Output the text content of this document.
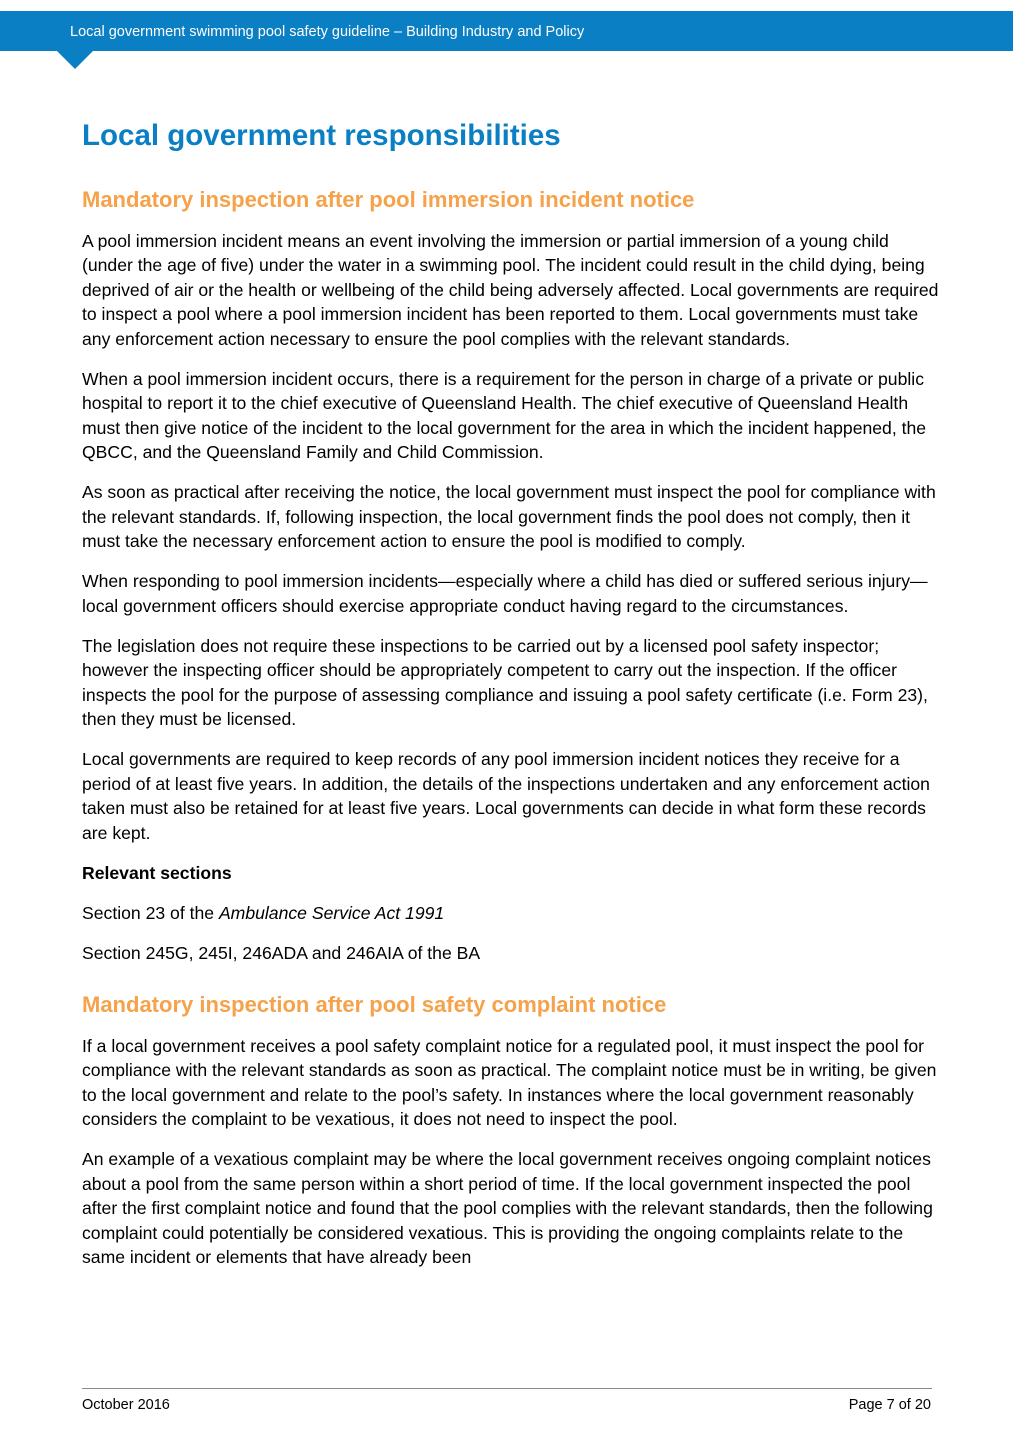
Local government swimming pool safety guideline – Building Industry and Policy
Local government responsibilities
Mandatory inspection after pool immersion incident notice

A pool immersion incident means an event involving the immersion or partial immersion of a young child (under the age of five) under the water in a swimming pool. The incident could result in the child dying, being deprived of air or the health or wellbeing of the child being adversely affected. Local governments are required to inspect a pool where a pool immersion incident has been reported to them. Local governments must take any enforcement action necessary to ensure the pool complies with the relevant standards.

When a pool immersion incident occurs, there is a requirement for the person in charge of a private or public hospital to report it to the chief executive of Queensland Health. The chief executive of Queensland Health must then give notice of the incident to the local government for the area in which the incident happened, the QBCC, and the Queensland Family and Child Commission.

As soon as practical after receiving the notice, the local government must inspect the pool for compliance with the relevant standards. If, following inspection, the local government finds the pool does not comply, then it must take the necessary enforcement action to ensure the pool is modified to comply.

When responding to pool immersion incidents—especially where a child has died or suffered serious injury—local government officers should exercise appropriate conduct having regard to the circumstances.

The legislation does not require these inspections to be carried out by a licensed pool safety inspector; however the inspecting officer should be appropriately competent to carry out the inspection. If the officer inspects the pool for the purpose of assessing compliance and issuing a pool safety certificate (i.e. Form 23), then they must be licensed.

Local governments are required to keep records of any pool immersion incident notices they receive for a period of at least five years. In addition, the details of the inspections undertaken and any enforcement action taken must also be retained for at least five years. Local governments can decide in what form these records are kept.

Relevant sections

Section 23 of the Ambulance Service Act 1991

Section 245G, 245I, 246ADA and 246AIA of the BA

Mandatory inspection after pool safety complaint notice

If a local government receives a pool safety complaint notice for a regulated pool, it must inspect the pool for compliance with the relevant standards as soon as practical. The complaint notice must be in writing, be given to the local government and relate to the pool’s safety. In instances where the local government reasonably considers the complaint to be vexatious, it does not need to inspect the pool.

An example of a vexatious complaint may be where the local government receives ongoing complaint notices about a pool from the same person within a short period of time. If the local government inspected the pool after the first complaint notice and found that the pool complies with the relevant standards, then the following complaint could potentially be considered vexatious. This is providing the ongoing complaints relate to the same incident or elements that have already been

October 2016	Page 7 of 20
